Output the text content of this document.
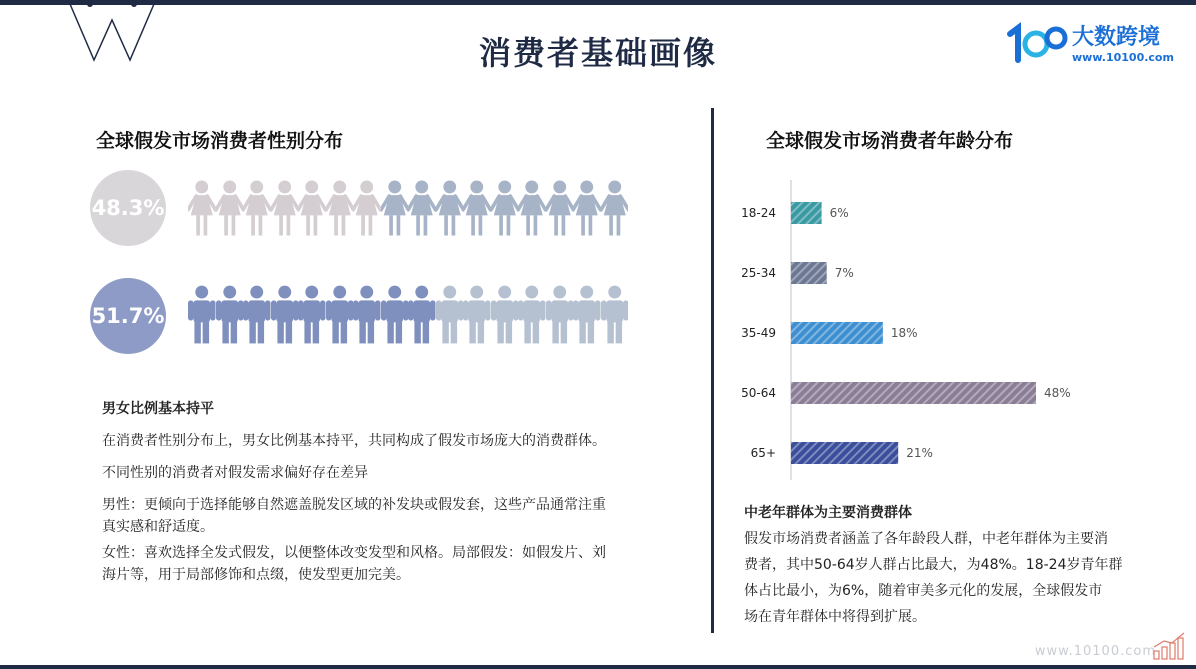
消费者基础画像	大数跨境
www.10100.com
全球假发市场消费者性别分布
48.3%
51.7%
男女比例基本持平
在消费者性别分布上，男女比例基本持平，共同构成了假发市场庞大的消费群体。
不同性别的消费者对假发需求偏好存在差异
男性：更倾向于选择能够自然遮盖脱发区域的补发块或假发套，这些产品通常注重
真实感和舒适度。
女性：喜欢选择全发式假发，以便整体改变发型和风格。局部假发：如假发片、刘
海片等，用于局部修饰和点缀，使发型更加完美。
全球假发市场消费者年龄分布
18-24	6%
25-34	7%
35-49	18%
50-64	48%
65+	21%
中老年群体为主要消费群体
假发市场消费者涵盖了各年龄段人群，中老年群体为主要消
费者，其中50-64岁人群占比最大，为48%。18-24岁青年群
体占比最小，为6%，随着审美多元化的发展，全球假发市
场在青年群体中将得到扩展。
www.10100.com
